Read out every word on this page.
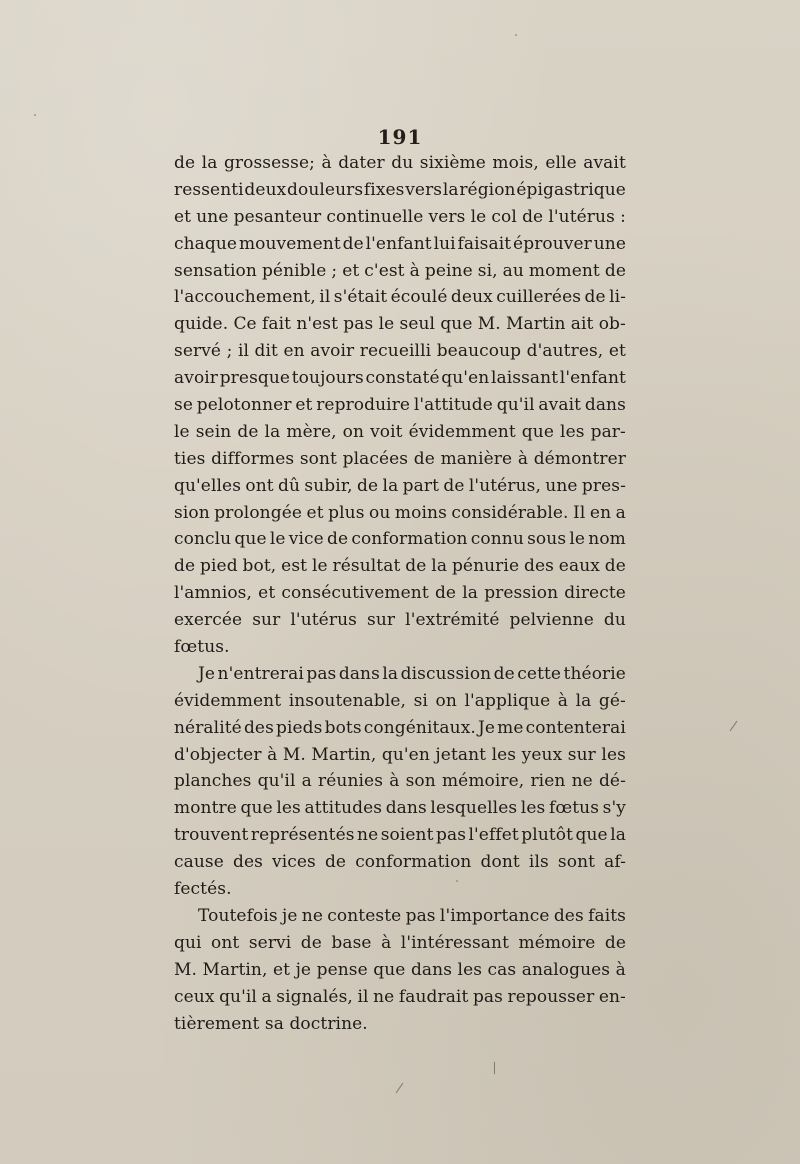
191
de la grossesse; à dater du sixième mois, elle avait
ressenti deux douleurs fixes vers la région épigastrique
et une pesanteur continuelle vers le col de l'utérus :
chaque mouvement de l'enfant lui faisait éprouver une
sensation pénible ; et c'est à peine si, au moment de
l'accouchement, il s'était écoulé deux cuillerées de li-
quide. Ce fait n'est pas le seul que M. Martin ait ob-
servé ; il dit en avoir recueilli beaucoup d'autres, et
avoir presque toujours constaté qu'en laissant l'enfant
se pelotonner et reproduire l'attitude qu'il avait dans
le sein de la mère, on voit évidemment que les par-
ties difformes sont placées de manière à démontrer
qu'elles ont dû subir, de la part de l'utérus, une pres-
sion prolongée et plus ou moins considérable. Il en a
conclu que le vice de conformation connu sous le nom
de pied bot, est le résultat de la pénurie des eaux de
l'amnios, et consécutivement de la pression directe
exercée sur l'utérus sur l'extrémité pelvienne du
fœtus.
Je n'entrerai pas dans la discussion de cette théorie
évidemment insoutenable, si on l'applique à la gé-
néralité des pieds bots congénitaux. Je me contenterai
d'objecter à M. Martin, qu'en jetant les yeux sur les
planches qu'il a réunies à son mémoire, rien ne dé-
montre que les attitudes dans lesquelles les fœtus s'y
trouvent représentés ne soient pas l'effet plutôt que la
cause des vices de conformation dont ils sont af-
fectés.
Toutefois je ne conteste pas l'importance des faits
qui ont servi de base à l'intéressant mémoire de
M. Martin, et je pense que dans les cas analogues à
ceux qu'il a signalés, il ne faudrait pas repousser en-
tièrement sa doctrine.
